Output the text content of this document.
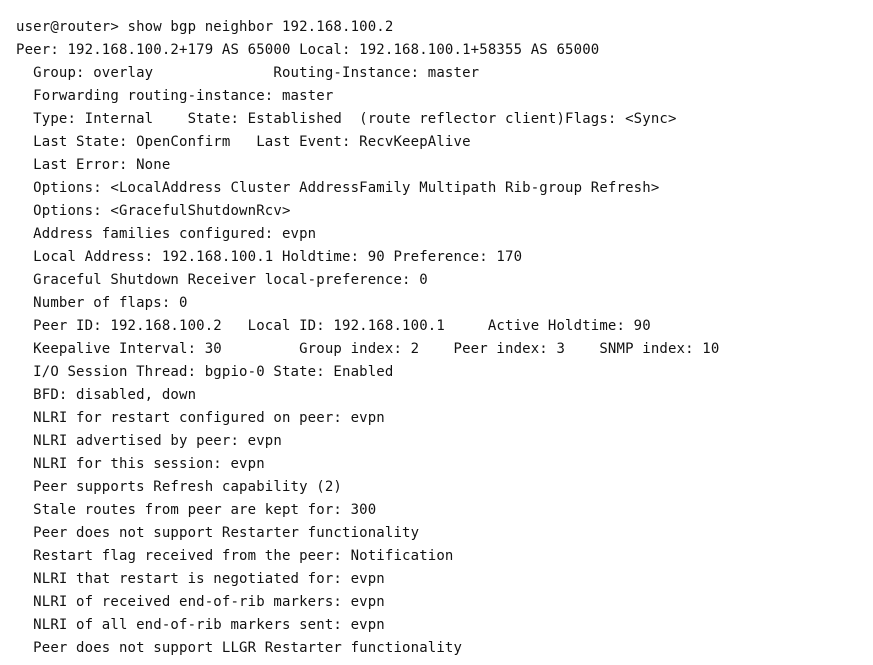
user@router> show bgp neighbor 192.168.100.2
Peer: 192.168.100.2+179 AS 65000 Local: 192.168.100.1+58355 AS 65000
Group: overlay              Routing-Instance: master
Forwarding routing-instance: master
Type: Internal    State: Established  (route reflector client)Flags: <Sync>
Last State: OpenConfirm   Last Event: RecvKeepAlive
Last Error: None
Options: <LocalAddress Cluster AddressFamily Multipath Rib-group Refresh>
Options: <GracefulShutdownRcv>
Address families configured: evpn
Local Address: 192.168.100.1 Holdtime: 90 Preference: 170
Graceful Shutdown Receiver local-preference: 0
Number of flaps: 0
Peer ID: 192.168.100.2   Local ID: 192.168.100.1     Active Holdtime: 90
Keepalive Interval: 30         Group index: 2    Peer index: 3    SNMP index: 10
I/O Session Thread: bgpio-0 State: Enabled
BFD: disabled, down
NLRI for restart configured on peer: evpn
NLRI advertised by peer: evpn
NLRI for this session: evpn
Peer supports Refresh capability (2)
Stale routes from peer are kept for: 300
Peer does not support Restarter functionality
Restart flag received from the peer: Notification
NLRI that restart is negotiated for: evpn
NLRI of received end-of-rib markers: evpn
NLRI of all end-of-rib markers sent: evpn
Peer does not support LLGR Restarter functionality
